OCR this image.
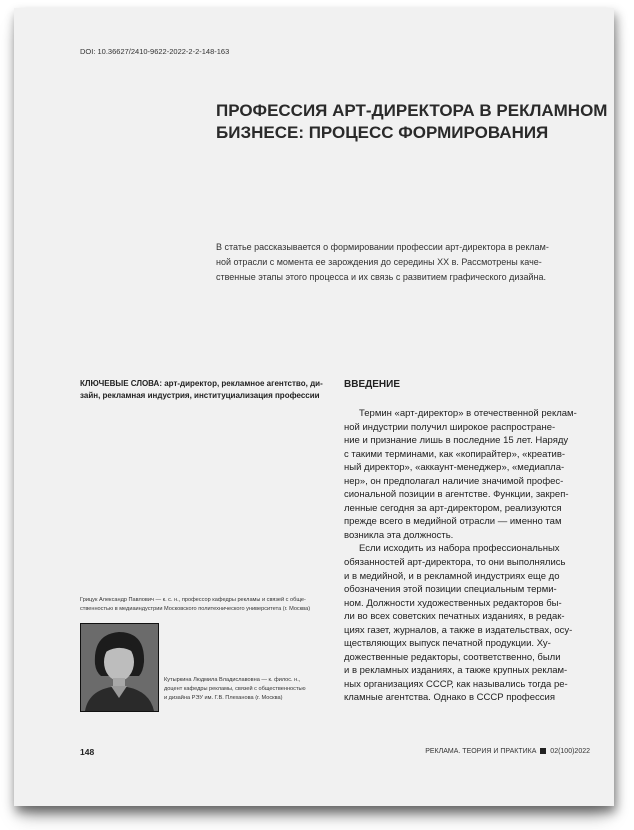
DOI: 10.36627/2410-9622-2022-2-2-148-163
ПРОФЕССИЯ АРТ-ДИРЕКТОРА В РЕКЛАМНОМ
БИЗНЕСЕ: ПРОЦЕСС ФОРМИРОВАНИЯ
В статье рассказывается о формировании профессии арт-директора в реклам-
ной отрасли с момента ее зарождения до середины XX в. Рассмотрены каче-
ственные этапы этого процесса и их связь с развитием графического дизайна.
КЛЮЧЕВЫЕ СЛОВА: арт-директор, рекламное агентство, ди-
зайн, рекламная индустрия, институциализация профессии
ВВЕДЕНИЕ
Термин «арт-директор» в отечественной реклам-
ной индустрии получил широкое распростране-
ние и признание лишь в последние 15 лет. Наряду
с такими терминами, как «копирайтер», «креатив-
ный директор», «аккаунт-менеджер», «медиапла-
нер», он предполагал наличие значимой профес-
сиональной позиции в агентстве. Функции, закреп-
ленные сегодня за арт-директором, реализуются
прежде всего в медийной отрасли — именно там
возникла эта должность.
Если исходить из набора профессиональных
обязанностей арт-директора, то они выполнялись
и в медийной, и в рекламной индустриях еще до
обозначения этой позиции специальным терми-
ном. Должности художественных редакторов бы-
ли во всех советских печатных изданиях, в редак-
циях газет, журналов, а также в издательствах, осу-
ществляющих выпуск печатной продукции. Ху-
дожественные редакторы, соответственно, были
и в рекламных изданиях, а также крупных реклам-
ных организациях СССР, как назывались тогда ре-
кламные агентства. Однако в СССР профессия
Грицук Александр Павлович — к. с. н., профессор кафедры рекламы и связей с обще-
ственностью в медиаиндустрии Московского политехнического университета (г. Москва)
Кутыркина Людмила Владиславовна — к. филос. н.,
доцент кафедры рекламы, связей с общественностью
и дизайна РЭУ им. Г.В. Плеханова (г. Москва)
148	РЕКЛАМА. ТЕОРИЯ И ПРАКТИКА 02(100)2022
